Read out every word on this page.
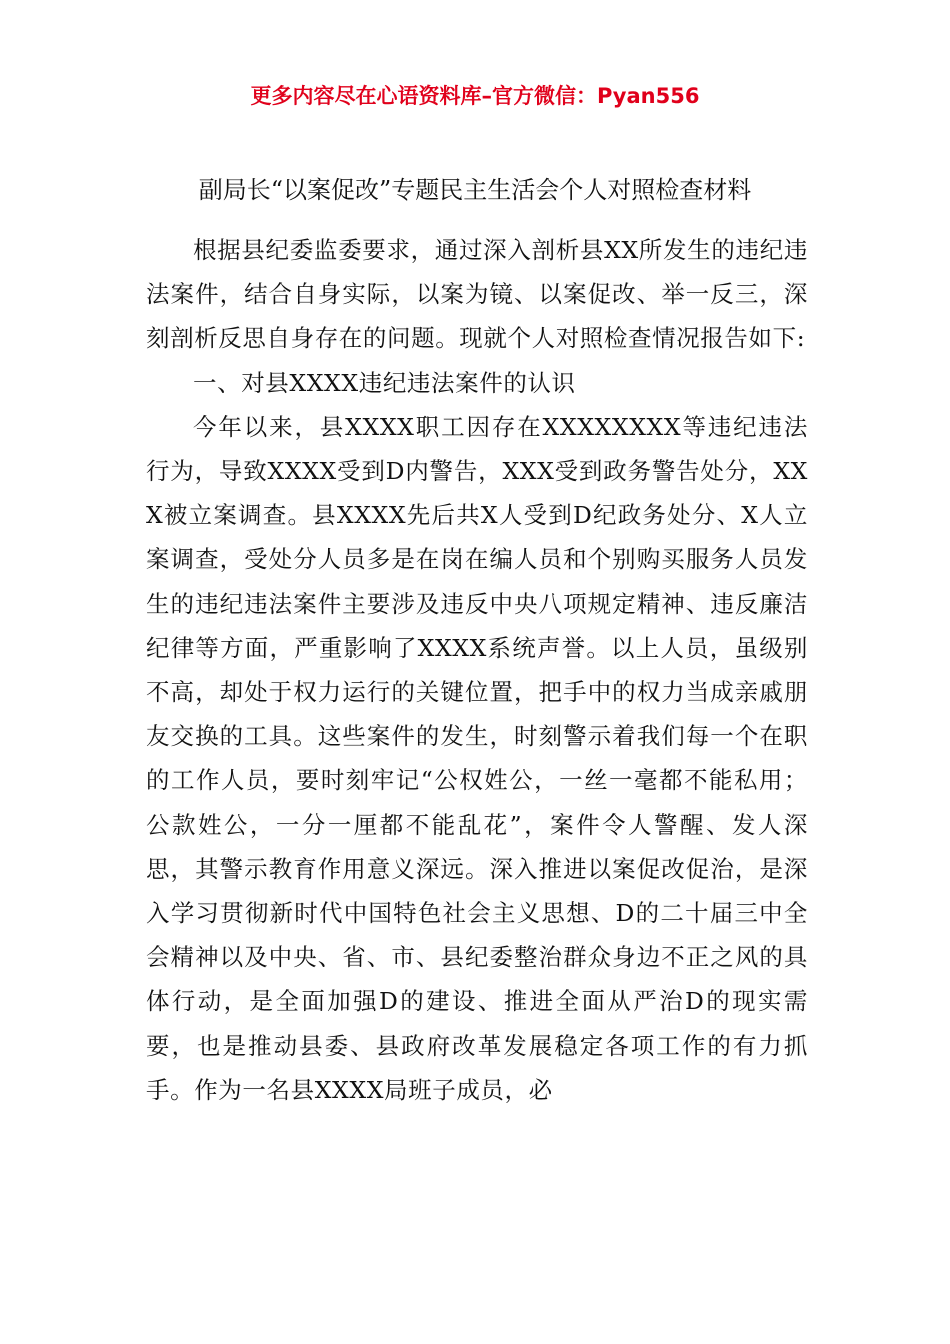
更多内容尽在心语资料库–官方微信：Pyan556
副局长“以案促改”专题民主生活会个人对照检查材料

根据县纪委监委要求，通过深入剖析县XX所发生的违纪违法案件，结合自身实际，以案为镜、以案促改、举一反三，深刻剖析反思自身存在的问题。现就个人对照检查情况报告如下:

一、对县XXXX违纪违法案件的认识

今年以来，县XXXX职工因存在XXXXXXXX等违纪违法行为，导致XXXX受到D内警告，XXX受到政务警告处分，XXX被立案调查。县XXXX先后共X人受到D纪政务处分、X人立案调查，受处分人员多是在岗在编人员和个别购买服务人员发生的违纪违法案件主要涉及违反中央八项规定精神、违反廉洁纪律等方面，严重影响了XXXX系统声誉。以上人员，虽级别不高，却处于权力运行的关键位置，把手中的权力当成亲戚朋友交换的工具。这些案件的发生，时刻警示着我们每一个在职的工作人员，要时刻牢记“公权姓公，一丝一毫都不能私用；公款姓公，一分一厘都不能乱花”，案件令人警醒、发人深思，其警示教育作用意义深远。深入推进以案促改促治，是深入学习贯彻新时代中国特色社会主义思想、D的二十届三中全会精神以及中央、省、市、县纪委整治群众身边不正之风的具体行动，是全面加强D的建设、推进全面从严治D的现实需要，也是推动县委、县政府改革发展稳定各项工作的有力抓手。作为一名县XXXX局班子成员，必
